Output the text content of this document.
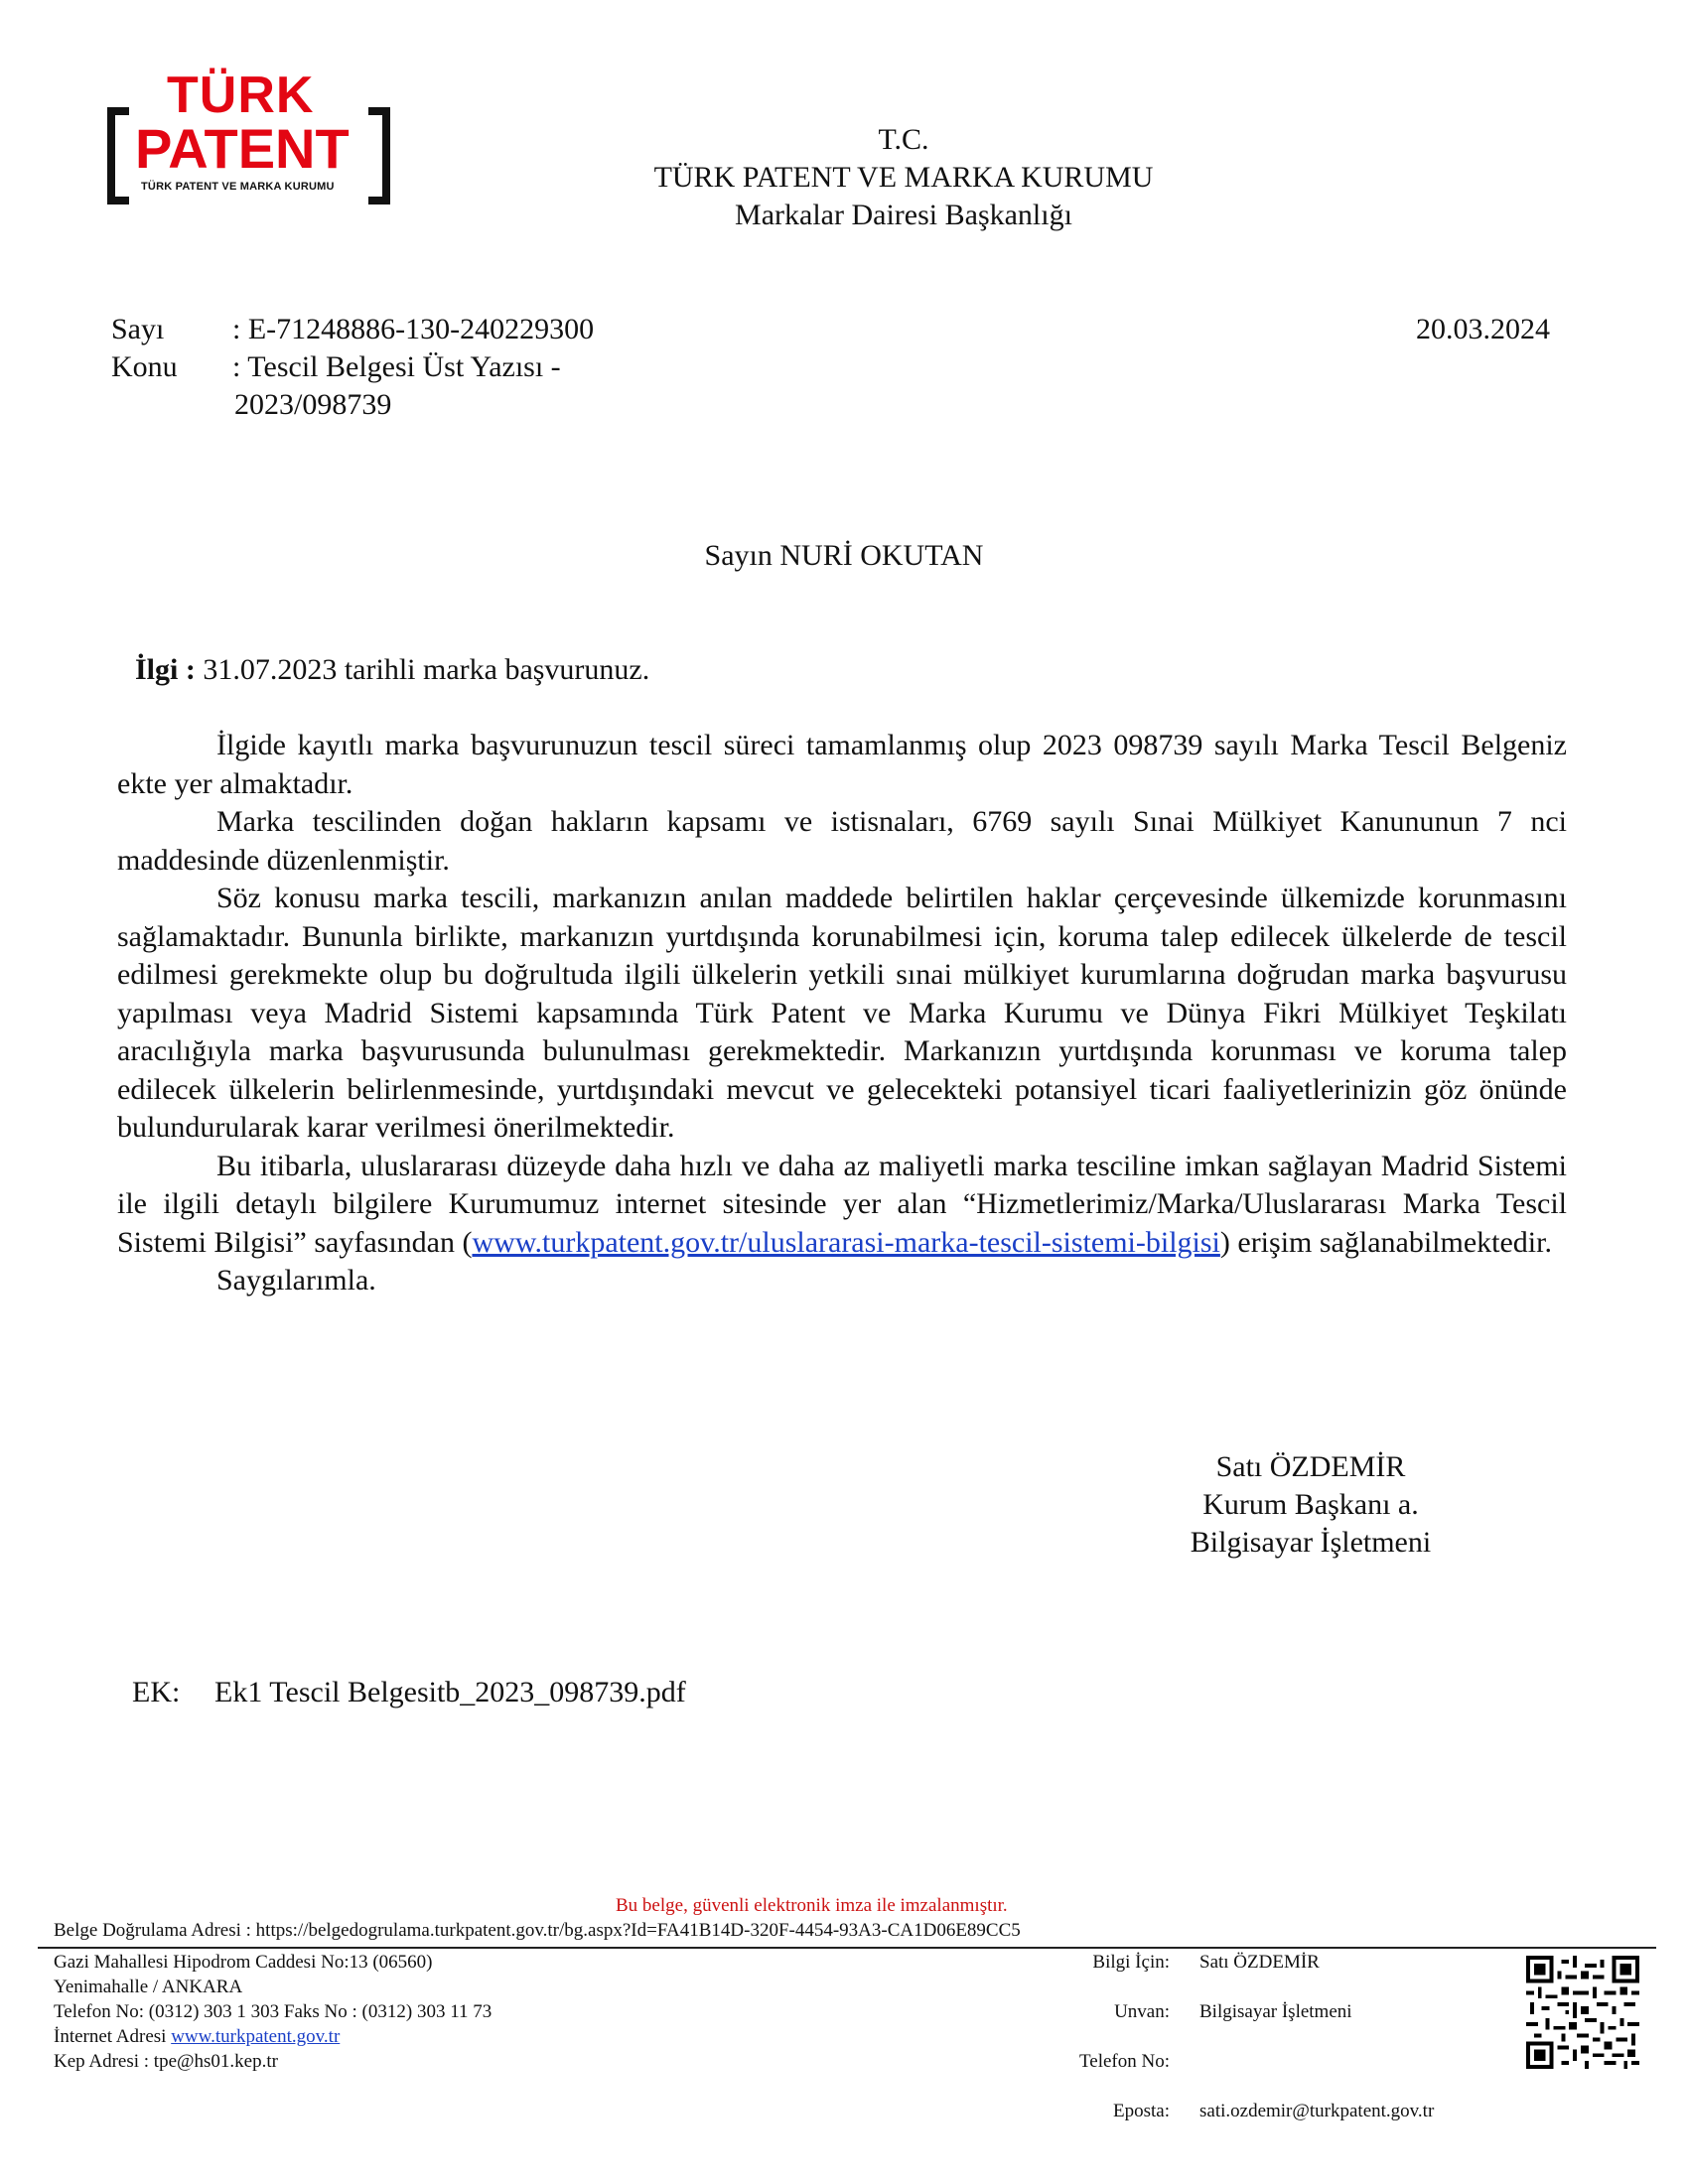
TÜRK
PATENT
TÜRK PATENT VE MARKA KURUMU
T.C.
TÜRK PATENT VE MARKA KURUMU
Markalar Dairesi Başkanlığı
Sayı : E-71248886-130-240229300	20.03.2024
Konu : Tescil Belgesi Üst Yazısı -
2023/098739
Sayın NURİ OKUTAN
İlgi : 31.07.2023 tarihli marka başvurunuz.
İlgide kayıtlı marka başvurunuzun tescil süreci tamamlanmış olup 2023 098739 sayılı Marka Tescil Belgeniz ekte yer almaktadır.
Marka tescilinden doğan hakların kapsamı ve istisnaları, 6769 sayılı Sınai Mülkiyet Kanununun 7 nci maddesinde düzenlenmiştir.
Söz konusu marka tescili, markanızın anılan maddede belirtilen haklar çerçevesinde ülkemizde korunmasını sağlamaktadır. Bununla birlikte, markanızın yurtdışında korunabilmesi için, koruma talep edilecek ülkelerde de tescil edilmesi gerekmekte olup bu doğrultuda ilgili ülkelerin yetkili sınai mülkiyet kurumlarına doğrudan marka başvurusu yapılması veya Madrid Sistemi kapsamında Türk Patent ve Marka Kurumu ve Dünya Fikri Mülkiyet Teşkilatı aracılığıyla marka başvurusunda bulunulması gerekmektedir. Markanızın yurtdışında korunması ve koruma talep edilecek ülkelerin belirlenmesinde, yurtdışındaki mevcut ve gelecekteki potansiyel ticari faaliyetlerinizin göz önünde bulundurularak karar verilmesi önerilmektedir.
Bu itibarla, uluslararası düzeyde daha hızlı ve daha az maliyetli marka tesciline imkan sağlayan Madrid Sistemi ile ilgili detaylı bilgilere Kurumumuz internet sitesinde yer alan “Hizmetlerimiz/Marka/Uluslararası Marka Tescil Sistemi Bilgisi” sayfasından (www.turkpatent.gov.tr/uluslararasi-marka-tescil-sistemi-bilgisi) erişim sağlanabilmektedir.
Saygılarımla.
Satı ÖZDEMİR
Kurum Başkanı a.
Bilgisayar İşletmeni
EK: Ek1 Tescil Belgesitb_2023_098739.pdf
Bu belge, güvenli elektronik imza ile imzalanmıştır.
Belge Doğrulama Adresi : https://belgedogrulama.turkpatent.gov.tr/bg.aspx?Id=FA41B14D-320F-4454-93A3-CA1D06E89CC5
Gazi Mahallesi Hipodrom Caddesi No:13 (06560)
Yenimahalle / ANKARA
Telefon No: (0312) 303 1 303 Faks No : (0312) 303 11 73
İnternet Adresi www.turkpatent.gov.tr
Kep Adresi : tpe@hs01.kep.tr
Bilgi İçin: Satı ÖZDEMİR
Unvan: Bilgisayar İşletmeni
Telefon No:
Eposta: sati.ozdemir@turkpatent.gov.tr
